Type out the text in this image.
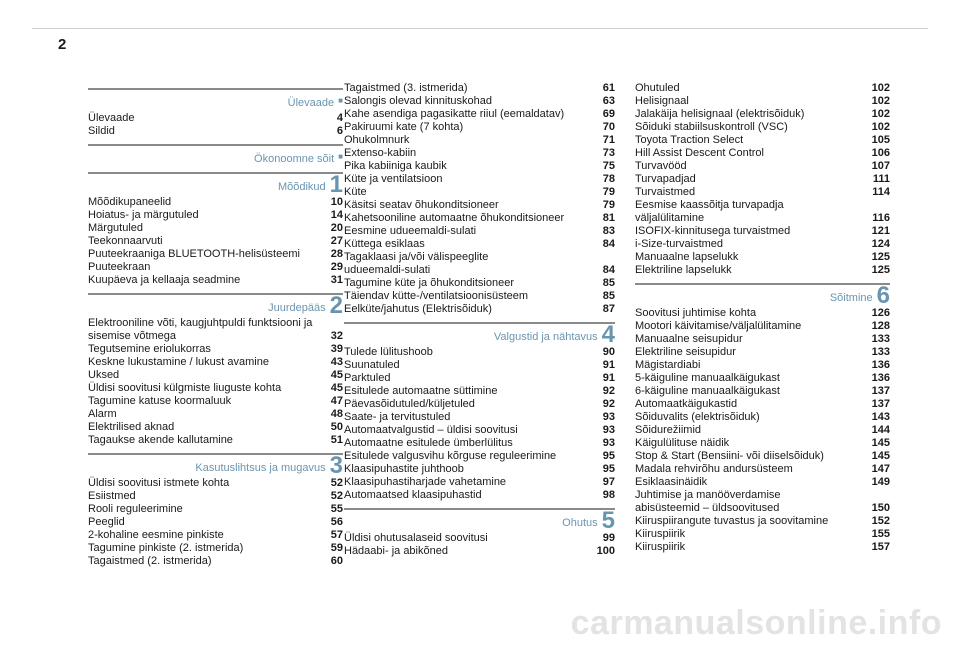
2
Ülevaade ■
Ülevaade	4
Sildid	6
Ökonoomne sõit ■
Mõõdikud 1
Mõõdikupaneelid	10
Hoiatus- ja märgutuled	14
Märgutuled	20
Teekonnaarvuti	27
Puuteekraaniga BLUETOOTH-helisüsteemi	28
Puuteekraan	29
Kuupäeva ja kellaaja seadmine	31
Juurdepääs 2
Elektrooniline võti, kaugjuhtpuldi funktsiooni ja
sisemise võtmega	32
Tegutsemine eriolukorras	39
Keskne lukustamine / lukust avamine	43
Uksed	45
Üldisi soovitusi külgmiste liuguste kohta	45
Tagumine katuse koormaluuk	47
Alarm	48
Elektrilised aknad	50
Tagaukse akende kallutamine	51
Kasutuslihtsus ja mugavus 3
Üldisi soovitusi istmete kohta	52
Esiistmed	52
Rooli reguleerimine	55
Peeglid	56
2-kohaline eesmine pinkiste	57
Tagumine pinkiste (2. istmerida)	59
Tagaistmed (2. istmerida)	60
Tagaistmed (3. istmerida)	61
Salongis olevad kinnituskohad	63
Kahe asendiga pagasikatte riiul (eemaldatav)	69
Pakiruumi kate (7 kohta)	70
Ohukolmnurk	71
Extenso-kabiin	73
Pika kabiiniga kaubik	75
Küte ja ventilatsioon	78
Küte	79
Käsitsi seatav õhukonditsioneer	79
Kahetsooniline automaatne õhukonditsioneer	81
Eesmine udueemaldi-sulati	83
Küttega esiklaas	84
Tagaklaasi ja/või välispeeglite
udueemaldi-sulati	84
Tagumine küte ja õhukonditsioneer	85
Täiendav kütte-/ventilatsioonisüsteem	85
Eelküte/jahutus (Elektrisõiduk)	87
Valgustid ja nähtavus 4
Tulede lülitushoob	90
Suunatuled	91
Parktuled	91
Esitulede automaatne süttimine	92
Päevasõidutuled/küljetuled	92
Saate- ja tervitustuled	93
Automaatvalgustid – üldisi soovitusi	93
Automaatne esitulede ümberlülitus	93
Esitulede valgusvihu kõrguse reguleerimine	95
Klaasipuhastite juhthoob	95
Klaasipuhastiharjade vahetamine	97
Automaatsed klaasipuhastid	98
Ohutus 5
Üldisi ohutusalaseid soovitusi	99
Hädaabi- ja abikõned	100
Ohutuled	102
Helisignaal	102
Jalakäija helisignaal (elektrisõiduk)	102
Sõiduki stabiilsuskontroll (VSC)	102
Toyota Traction Select	105
Hill Assist Descent Control	106
Turvavööd	107
Turvapadjad	111
Turvaistmed	114
Eesmise kaassõitja turvapadja
väljalülitamine	116
ISOFIX-kinnitusega turvaistmed	121
i-Size-turvaistmed	124
Manuaalne lapselukk	125
Elektriline lapselukk	125
Sõitmine 6
Soovitusi juhtimise kohta	126
Mootori käivitamise/väljalülitamine	128
Manuaalne seisupidur	133
Elektriline seisupidur	133
Mägistardiabi	136
5-käiguline manuaalkäigukast	136
6-käiguline manuaalkäigukast	137
Automaatkäigukastid	137
Sõiduvalits (elektrisõiduk)	143
Sõidurežiimid	144
Käigulülituse näidik	145
Stop & Start (Bensiini- või diiselsõiduk)	145
Madala rehvirõhu andursüsteem	147
Esiklaasinäidik	149
Juhtimise ja manööverdamise
abisüsteemid – üldsoovitused	150
Kiiruspiirangute tuvastus ja soovitamine	152
Kiiruspiirik	155
Kiiruspiirik	157
carmanualsonline.info
